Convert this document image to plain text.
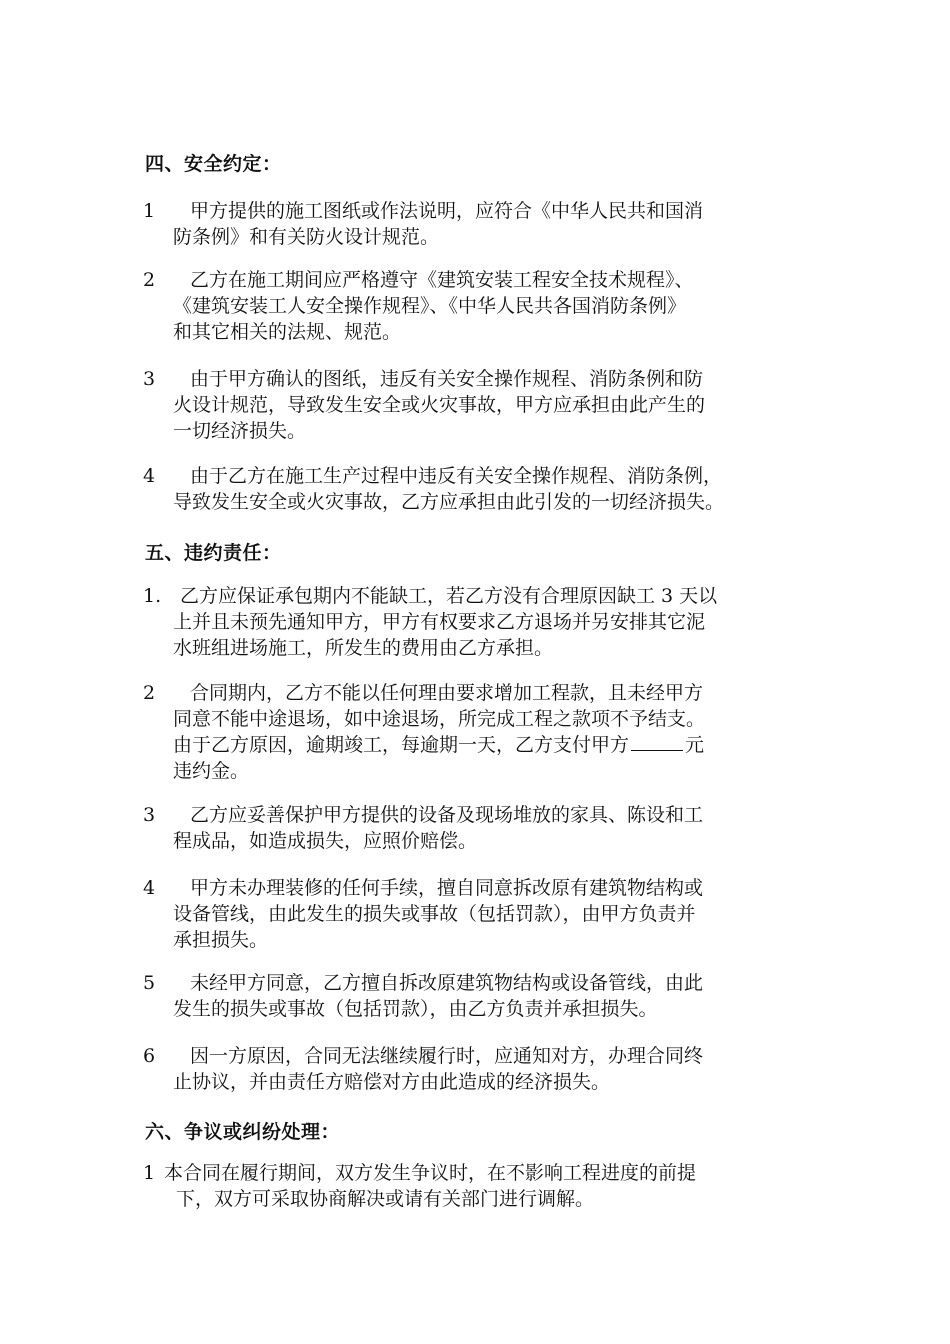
四、安全约定：
1	甲方提供的施工图纸或作法说明，应符合《中华人民共和国消
防条例》和有关防火设计规范。
2	乙方在施工期间应严格遵守《建筑安装工程安全技术规程》、
《建筑安装工人安全操作规程》、《中华人民共各国消防条例》
和其它相关的法规、规范。
3	由于甲方确认的图纸，违反有关安全操作规程、消防条例和防
火设计规范，导致发生安全或火灾事故，甲方应承担由此产生的
一切经济损失。
4	由于乙方在施工生产过程中违反有关安全操作规程、消防条例，
导致发生安全或火灾事故，乙方应承担由此引发的一切经济损失。
五、违约责任：
1. 乙方应保证承包期内不能缺工，若乙方没有合理原因缺工 3 天以
上并且未预先通知甲方，甲方有权要求乙方退场并另安排其它泥
水班组进场施工，所发生的费用由乙方承担。
2	合同期内，乙方不能以任何理由要求增加工程款，且未经甲方
同意不能中途退场，如中途退场，所完成工程之款项不予结支。
由于乙方原因，逾期竣工，每逾期一天，乙方支付甲方	元
违约金。
3	乙方应妥善保护甲方提供的设备及现场堆放的家具、陈设和工
程成品，如造成损失，应照价赔偿。
4	甲方未办理装修的任何手续，擅自同意拆改原有建筑物结构或
设备管线，由此发生的损失或事故（包括罚款），由甲方负责并
承担损失。
5	未经甲方同意，乙方擅自拆改原建筑物结构或设备管线，由此
发生的损失或事故（包括罚款），由乙方负责并承担损失。
6	因一方原因，合同无法继续履行时，应通知对方，办理合同终
止协议，并由责任方赔偿对方由此造成的经济损失。
六、争议或纠纷处理：
1 本合同在履行期间，双方发生争议时，在不影响工程进度的前提
下，双方可采取协商解决或请有关部门进行调解。
